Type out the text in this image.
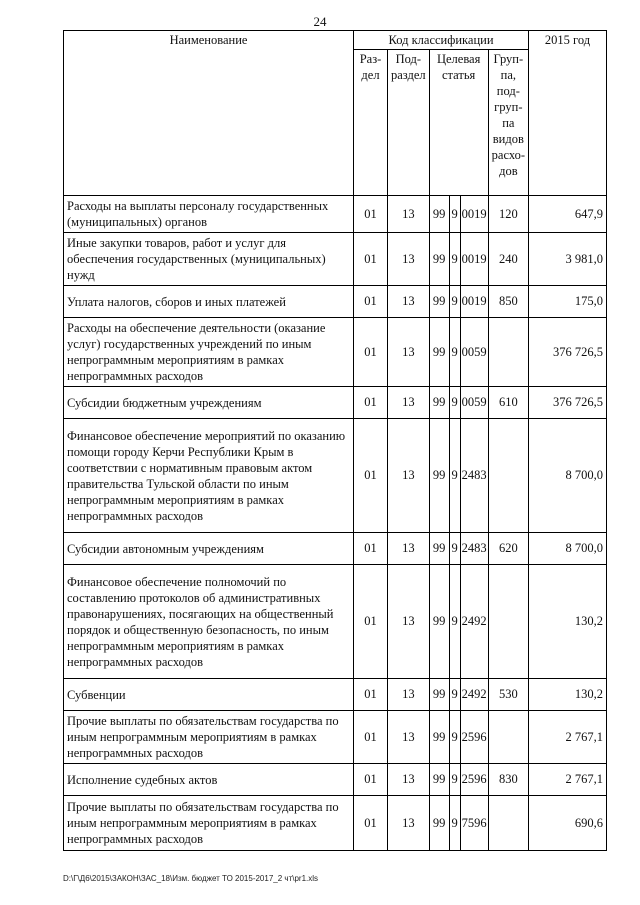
24
Наименование	Код классификации						2015 год
	Раз-дел	Под-раздел	Целевая статья			Груп-па, под-груп-па видов расхо-дов	
Расходы на выплаты персоналу государственных (муниципальных) органов	01	13	99	9	0019	120	647,9
Иные закупки товаров, работ и услуг для обеспечения государственных (муниципальных) нужд	01	13	99	9	0019	240	3 981,0
Уплата налогов, сборов и иных платежей	01	13	99	9	0019	850	175,0
Расходы на обеспечение деятельности (оказание услуг) государственных учреждений по иным непрограммным мероприятиям в рамках непрограммных расходов	01	13	99	9	0059		376 726,5
Субсидии бюджетным учреждениям	01	13	99	9	0059	610	376 726,5
Финансовое обеспечение мероприятий по оказанию помощи городу Керчи Республики Крым в соответствии с нормативным правовым актом правительства Тульской области по иным непрограммным мероприятиям в рамках непрограммных расходов	01	13	99	9	2483		8 700,0
Субсидии автономным учреждениям	01	13	99	9	2483	620	8 700,0
Финансовое обеспечение полномочий по составлению протоколов об административных правонарушениях, посягающих на общественный порядок и общественную безопасность, по иным непрограммным мероприятиям в рамках непрограммных расходов	01	13	99	9	2492		130,2
Субвенции	01	13	99	9	2492	530	130,2
Прочие выплаты по обязательствам государства по иным непрограммным мероприятиям в рамках непрограммных расходов	01	13	99	9	2596		2 767,1
Исполнение судебных актов	01	13	99	9	2596	830	2 767,1
Прочие выплаты по обязательствам государства по иным непрограммным мероприятиям в рамках непрограммных расходов	01	13	99	9	7596		690,6
D:\Г\Д6\2015\ЗАКОН\ЗАС_18\Изм. бюджет ТО 2015-2017_2 чт\pr1.xls
